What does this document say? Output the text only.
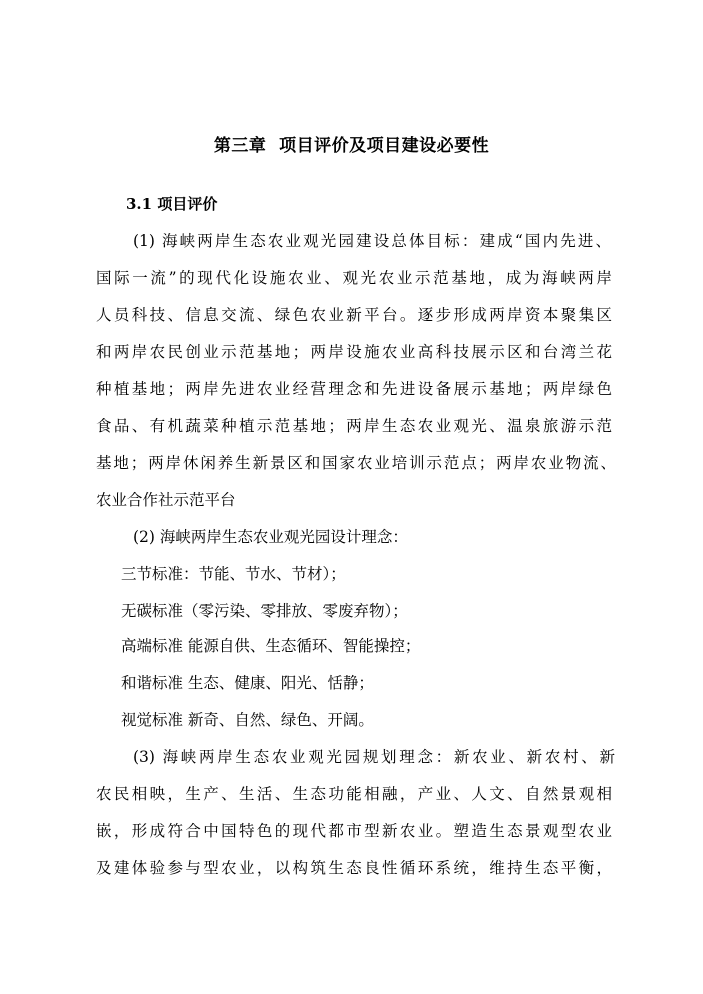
第三章  项目评价及项目建设必要性
3.1 项目评价
(1) 海峡两岸生态农业观光园建设总体目标：建成“国内先进、
国际一流”的现代化设施农业、观光农业示范基地，成为海峡两岸
人员科技、信息交流、绿色农业新平台。逐步形成两岸资本聚集区
和两岸农民创业示范基地；两岸设施农业高科技展示区和台湾兰花
种植基地；两岸先进农业经营理念和先进设备展示基地；两岸绿色
食品、有机蔬菜种植示范基地；两岸生态农业观光、温泉旅游示范
基地；两岸休闲养生新景区和国家农业培训示范点；两岸农业物流、
农业合作社示范平台
(2) 海峡两岸生态农业观光园设计理念：
三节标准：节能、节水、节材）；
无碳标准（零污染、零排放、零废弃物）；
高端标准 能源自供、生态循环、智能操控；
和谐标准 生态、健康、阳光、恬静；
视觉标准 新奇、自然、绿色、开阔。
(3) 海峡两岸生态农业观光园规划理念：新农业、新农村、新
农民相映，生产、生活、生态功能相融，产业、人文、自然景观相
嵌，形成符合中国特色的现代都市型新农业。塑造生态景观型农业
及建体验参与型农业，以构筑生态良性循环系统，维持生态平衡，
